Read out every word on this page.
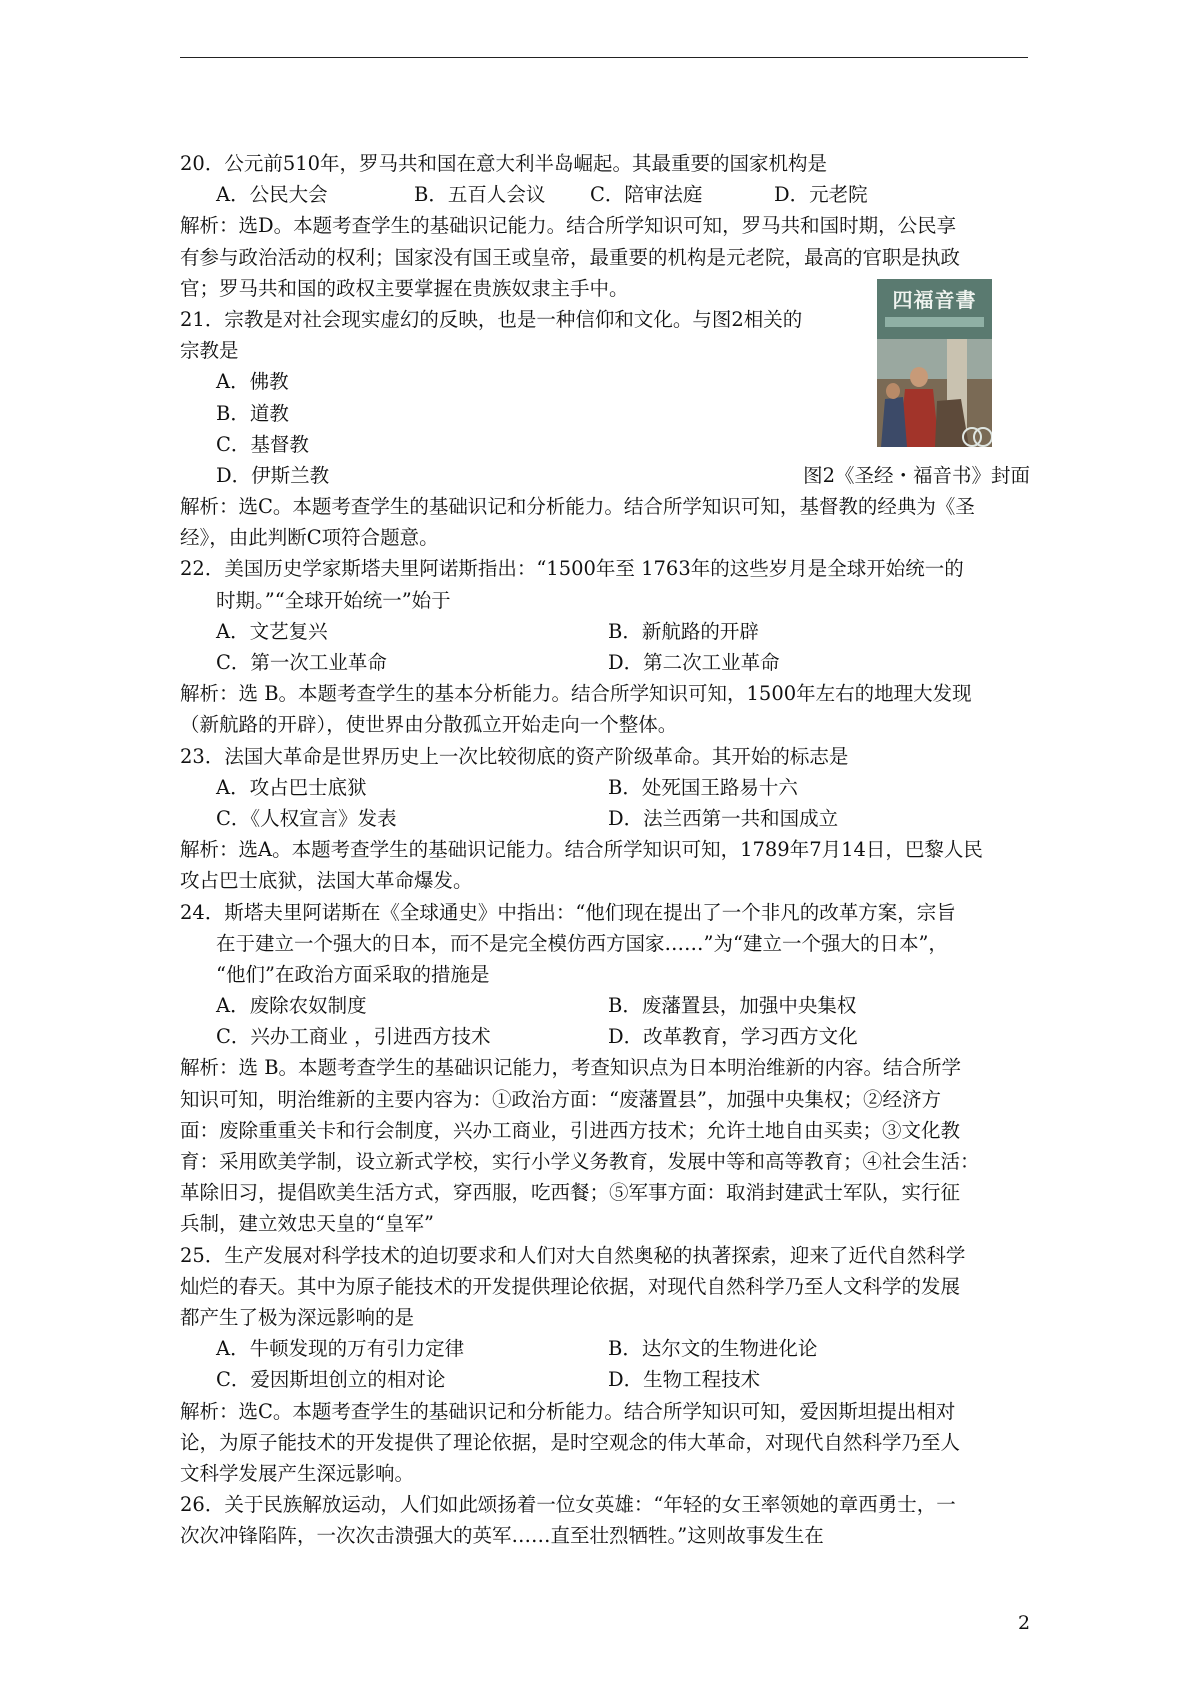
20．公元前510年，罗马共和国在意大利半岛崛起。其最重要的国家机构是
A．公民大会	B．五百人会议	C．陪审法庭	D．元老院
解析：选D。本题考查学生的基础识记能力。结合所学知识可知，罗马共和国时期，公民享
有参与政治活动的权利；国家没有国王或皇帝，最重要的机构是元老院，最高的官职是执政
官；罗马共和国的政权主要掌握在贵族奴隶主手中。
21．宗教是对社会现实虚幻的反映，也是一种信仰和文化。与图2相关的
宗教是
A．佛教
B．道教
C．基督教
D．伊斯兰教	图2《圣经・福音书》封面
四福音書
解析：选C。本题考查学生的基础识记和分析能力。结合所学知识可知，基督教的经典为《圣
经》，由此判断C项符合题意。
22．美国历史学家斯塔夫里阿诺斯指出：“1500年至 1763年的这些岁月是全球开始统一的
时期。”“全球开始统一”始于
A．文艺复兴	B．新航路的开辟
C．第一次工业革命	D．第二次工业革命
解析：选 B。本题考查学生的基本分析能力。结合所学知识可知，1500年左右的地理大发现
（新航路的开辟），使世界由分散孤立开始走向一个整体。
23．法国大革命是世界历史上一次比较彻底的资产阶级革命。其开始的标志是
A．攻占巴士底狱	B．处死国王路易十六
C．《人权宣言》发表	D．法兰西第一共和国成立
解析：选A。本题考查学生的基础识记能力。结合所学知识可知，1789年7月14日，巴黎人民
攻占巴士底狱，法国大革命爆发。
24．斯塔夫里阿诺斯在《全球通史》中指出：“他们现在提出了一个非凡的改革方案，宗旨
在于建立一个强大的日本，而不是完全模仿西方国家……”为“建立一个强大的日本”，
“他们”在政治方面采取的措施是
A．废除农奴制度	B．废藩置县，加强中央集权
C．兴办工商业 ，引进西方技术	D．改革教育，学习西方文化
解析：选 B。本题考查学生的基础识记能力，考查知识点为日本明治维新的内容。结合所学
知识可知，明治维新的主要内容为：①政治方面：“废藩置县”，加强中央集权；②经济方
面：废除重重关卡和行会制度，兴办工商业，引进西方技术；允许土地自由买卖；③文化教
育：采用欧美学制，设立新式学校，实行小学义务教育，发展中等和高等教育；④社会生活：
革除旧习，提倡欧美生活方式，穿西服，吃西餐；⑤军事方面：取消封建武士军队，实行征
兵制，建立效忠天皇的“皇军”
25．生产发展对科学技术的迫切要求和人们对大自然奥秘的执著探索，迎来了近代自然科学
灿烂的春天。其中为原子能技术的开发提供理论依据，对现代自然科学乃至人文科学的发展
都产生了极为深远影响的是
A．牛顿发现的万有引力定律	B．达尔文的生物进化论
C．爱因斯坦创立的相对论	D．生物工程技术
解析：选C。本题考查学生的基础识记和分析能力。结合所学知识可知，爱因斯坦提出相对
论，为原子能技术的开发提供了理论依据，是时空观念的伟大革命，对现代自然科学乃至人
文科学发展产生深远影响。
26．关于民族解放运动，人们如此颂扬着一位女英雄：“年轻的女王率领她的章西勇士，一
次次冲锋陷阵，一次次击溃强大的英军……直至壮烈牺牲。”这则故事发生在
2
